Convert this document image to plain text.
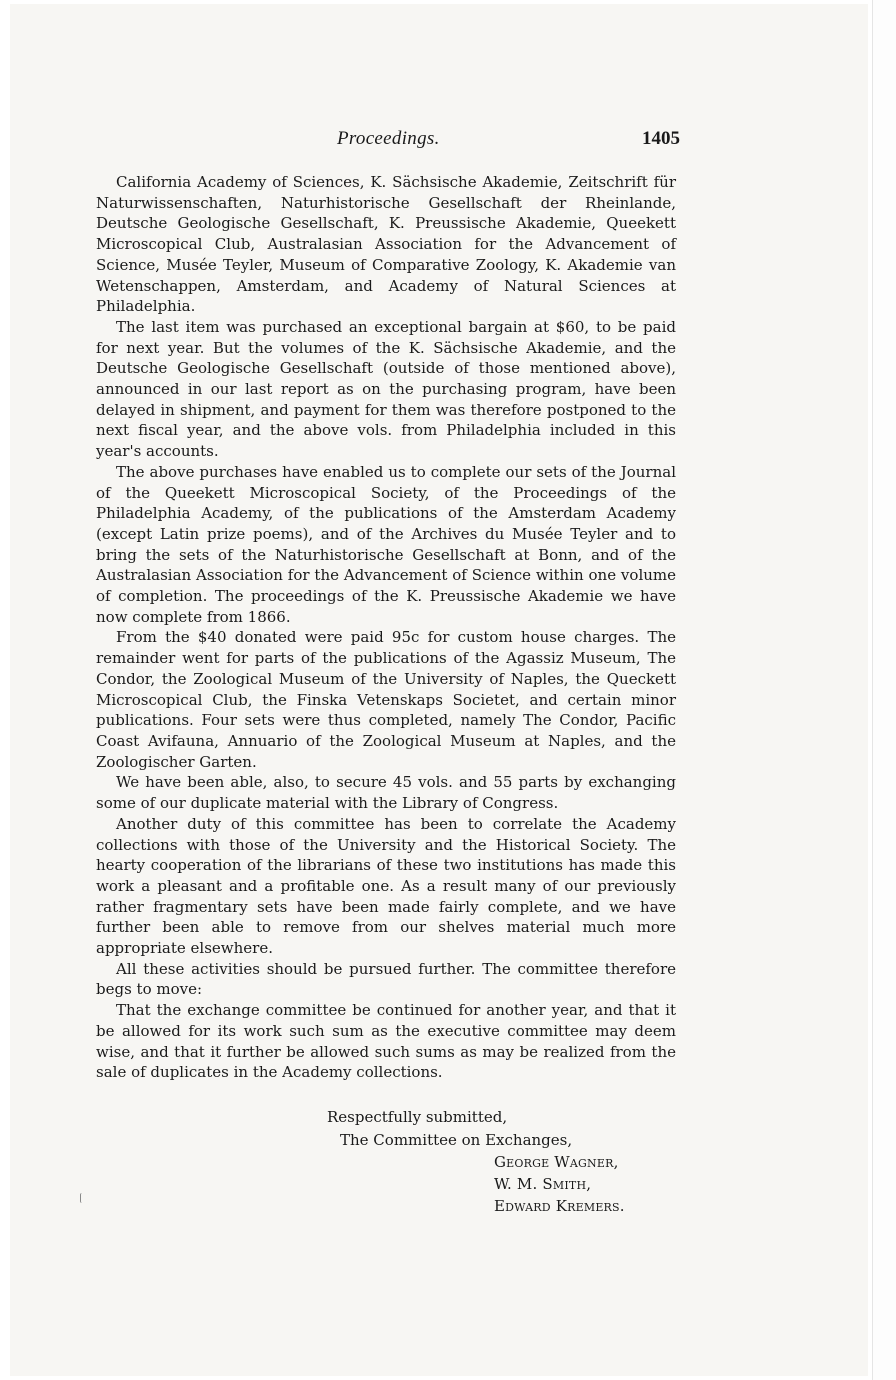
Proceedings.	1405

California Academy of Sciences, K. Sächsische Akademie, Zeitschrift für Naturwissenschaften, Naturhistorische Gesellschaft der Rheinlande, Deutsche Geologische Gesellschaft, K. Preussische Akademie, Queekett Microscopical Club, Australasian Association for the Advancement of Science, Musée Teyler, Museum of Comparative Zoology, K. Akademie van Wetenschappen, Amsterdam, and Academy of Natural Sciences at Philadelphia.

The last item was purchased an exceptional bargain at $60, to be paid for next year. But the volumes of the K. Sächsische Akademie, and the Deutsche Geologische Gesellschaft (outside of those mentioned above), announced in our last report as on the purchasing program, have been delayed in shipment, and payment for them was therefore postponed to the next fiscal year, and the above vols. from Philadelphia included in this year's accounts.

The above purchases have enabled us to complete our sets of the Journal of the Queekett Microscopical Society, of the Proceedings of the Philadelphia Academy, of the publications of the Amsterdam Academy (except Latin prize poems), and of the Archives du Musée Teyler and to bring the sets of the Naturhistorische Gesellschaft at Bonn, and of the Australasian Association for the Advancement of Science within one volume of completion. The proceedings of the K. Preussische Akademie we have now complete from 1866.

From the $40 donated were paid 95c for custom house charges. The remainder went for parts of the publications of the Agassiz Museum, The Condor, the Zoological Museum of the University of Naples, the Queckett Microscopical Club, the Finska Vetenskaps Societet, and certain minor publications. Four sets were thus completed, namely The Condor, Pacific Coast Avifauna, Annuario of the Zoological Museum at Naples, and the Zoologischer Garten.

We have been able, also, to secure 45 vols. and 55 parts by exchanging some of our duplicate material with the Library of Congress.

Another duty of this committee has been to correlate the Academy collections with those of the University and the Historical Society. The hearty cooperation of the librarians of these two institutions has made this work a pleasant and a profitable one. As a result many of our previously rather fragmentary sets have been made fairly complete, and we have further been able to remove from our shelves material much more appropriate elsewhere.

All these activities should be pursued further. The committee therefore begs to move:

That the exchange committee be continued for another year, and that it be allowed for its work such sum as the executive committee may deem wise, and that it further be allowed such sums as may be realized from the sale of duplicates in the Academy collections.

Respectfully submitted,
The Committee on Exchanges,
George Wagner,
W. M. Smith,
Edward Kremers.
